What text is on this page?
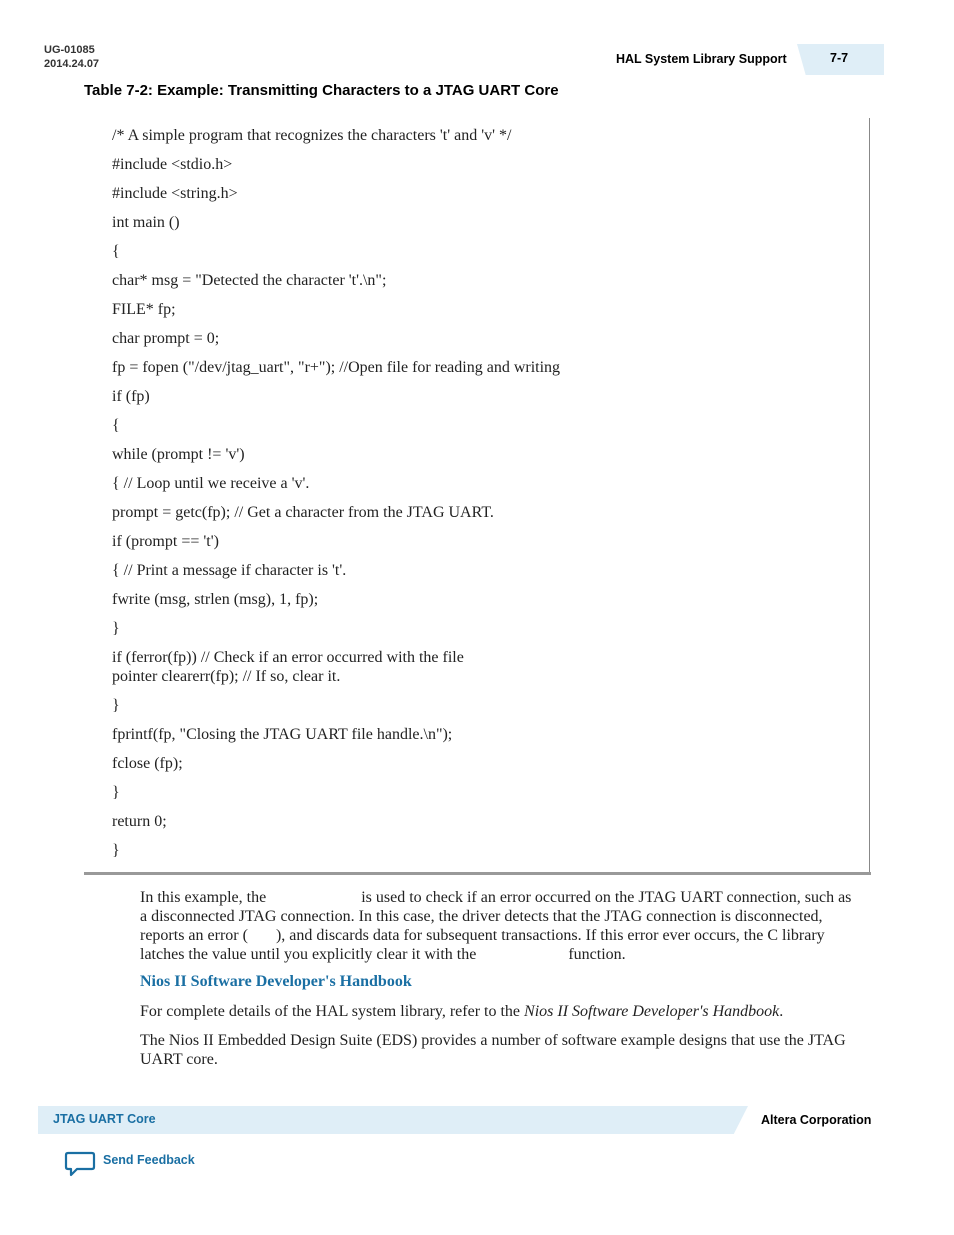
UG-01085
2014.24.07	HAL System Library Support	7-7
Table 7-2: Example: Transmitting Characters to a JTAG UART Core
/* A simple program that recognizes the characters 't' and 'v' */
#include <stdio.h>
#include <string.h>
int main ()
{
char* msg = "Detected the character 't'.\n";
FILE* fp;
char prompt = 0;
fp = fopen ("/dev/jtag_uart", "r+"); //Open file for reading and writing
if (fp)
{
while (prompt != 'v')
{ // Loop until we receive a 'v'.
prompt = getc(fp); // Get a character from the JTAG UART.
if (prompt == 't')
{ // Print a message if character is 't'.
fwrite (msg, strlen (msg), 1, fp);
}
if (ferror(fp)) // Check if an error occurred with the file
pointer clearerr(fp); // If so, clear it.
}
fprintf(fp, "Closing the JTAG UART file handle.\n");
fclose (fp);
}
return 0;
}
In this example, the	is used to check if an error occurred on the JTAG UART connection, such as a disconnected JTAG connection. In this case, the driver detects that the JTAG connection is disconnected, reports an error ( ), and discards data for subsequent transactions. If this error ever occurs, the C library latches the value until you explicitly clear it with the	function.
Nios II Software Developer's Handbook
For complete details of the HAL system library, refer to the Nios II Software Developer's Handbook.
The Nios II Embedded Design Suite (EDS) provides a number of software example designs that use the JTAG UART core.
JTAG UART Core	Altera Corporation
Send Feedback
